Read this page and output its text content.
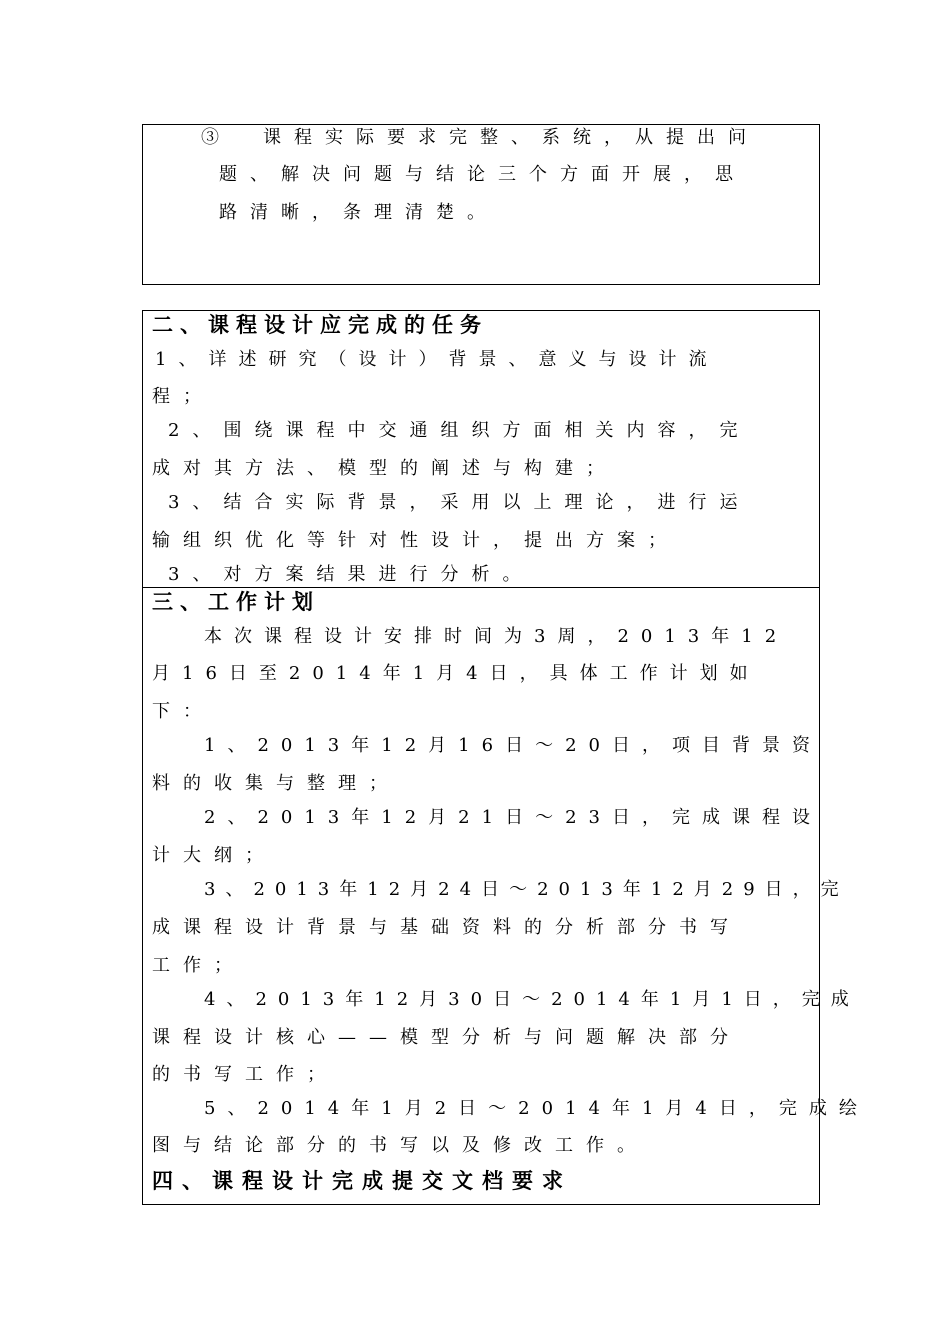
③　课程实际要求完整、系统，从提出问
题、解决问题与结论三个方面开展，思
路清晰，条理清楚。
二、课程设计应完成的任务
1、详述研究（设计）背景、意义与设计流
程；
2、围绕课程中交通组织方面相关内容，完
成对其方法、模型的阐述与构建；
3、结合实际背景，采用以上理论，进行运
输组织优化等针对性设计，提出方案；
3、对方案结果进行分析。
三、工作计划
本次课程设计安排时间为3周，2013年12
月16日至2014年1月4日，具体工作计划如
下：
1、2013年12月16日～20日，项目背景资
料的收集与整理；
2、2013年12月21日～23日，完成课程设
计大纲；
3、2013年12月24日～2013年12月29日，完
成课程设计背景与基础资料的分析部分书写
工作；
4、2013年12月30日～2014年1月1日，完成
课程设计核心——模型分析与问题解决部分
的书写工作；
5、2014年1月2日～2014年1月4日，完成绘
图与结论部分的书写以及修改工作。
四、课程设计完成提交文档要求
